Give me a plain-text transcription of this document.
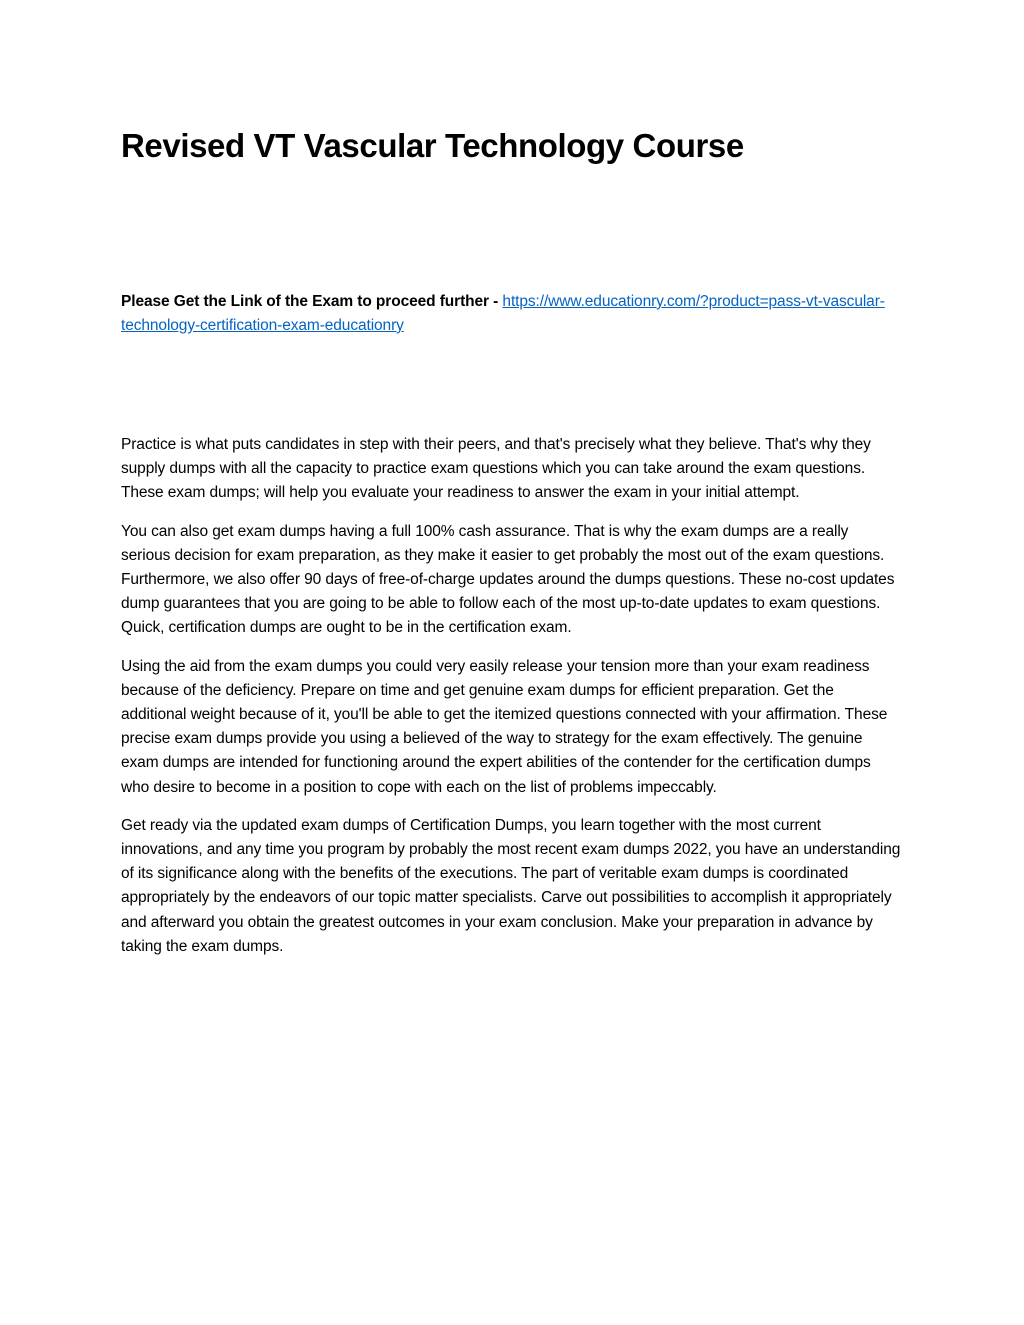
Revised VT Vascular Technology Course

Please Get the Link of the Exam to proceed further - https://www.educationry.com/?product=pass-vt-vascular-technology-certification-exam-educationry

Practice is what puts candidates in step with their peers, and that's precisely what they believe. That's why they supply dumps with all the capacity to practice exam questions which you can take around the exam questions. These exam dumps; will help you evaluate your readiness to answer the exam in your initial attempt.

You can also get exam dumps having a full 100% cash assurance. That is why the exam dumps are a really serious decision for exam preparation, as they make it easier to get probably the most out of the exam questions. Furthermore, we also offer 90 days of free-of-charge updates around the dumps questions. These no-cost updates dump guarantees that you are going to be able to follow each of the most up-to-date updates to exam questions. Quick, certification dumps are ought to be in the certification exam.

Using the aid from the exam dumps you could very easily release your tension more than your exam readiness because of the deficiency. Prepare on time and get genuine exam dumps for efficient preparation. Get the additional weight because of it, you'll be able to get the itemized questions connected with your affirmation. These precise exam dumps provide you using a believed of the way to strategy for the exam effectively. The genuine exam dumps are intended for functioning around the expert abilities of the contender for the certification dumps who desire to become in a position to cope with each on the list of problems impeccably.

Get ready via the updated exam dumps of Certification Dumps, you learn together with the most current innovations, and any time you program by probably the most recent exam dumps 2022, you have an understanding of its significance along with the benefits of the executions. The part of veritable exam dumps is coordinated appropriately by the endeavors of our topic matter specialists. Carve out possibilities to accomplish it appropriately and afterward you obtain the greatest outcomes in your exam conclusion. Make your preparation in advance by taking the exam dumps.
